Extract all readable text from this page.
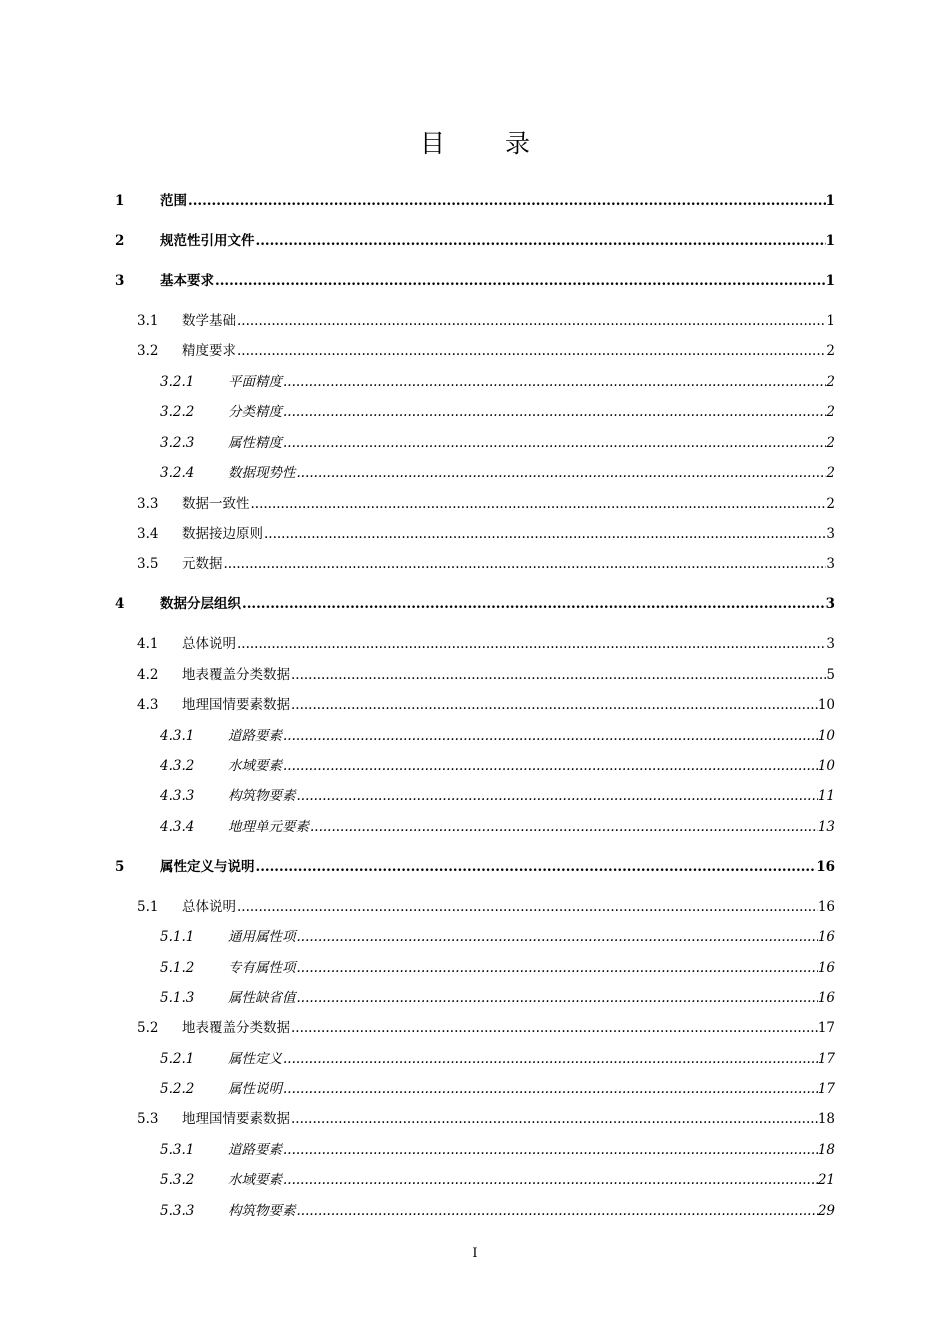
目 录
1	范围 .....	1
2	规范性引用文件 .....	1
3	基本要求 .....	1
3.1 数学基础 .....	1
3.2 精度要求 .....	2
3.2.1 平面精度 .....	2
3.2.2 分类精度 .....	2
3.2.3 属性精度 .....	2
3.2.4 数据现势性 .....	2
3.3 数据一致性 .....	2
3.4 数据接边原则 .....	3
3.5 元数据 .....	3
4	数据分层组织 .....	3
4.1 总体说明 .....	3
4.2 地表覆盖分类数据 .....	5
4.3 地理国情要素数据 .....	10
4.3.1 道路要素 .....	10
4.3.2 水域要素 .....	10
4.3.3 构筑物要素 .....	11
4.3.4 地理单元要素 .....	13
5	属性定义与说明 .....	16
5.1 总体说明 .....	16
5.1.1 通用属性项 .....	16
5.1.2 专有属性项 .....	16
5.1.3 属性缺省值 .....	16
5.2 地表覆盖分类数据 .....	17
5.2.1 属性定义 .....	17
5.2.2 属性说明 .....	17
5.3 地理国情要素数据 .....	18
5.3.1 道路要素 .....	18
5.3.2 水域要素 .....	21
5.3.3 构筑物要素 .....	29
I
